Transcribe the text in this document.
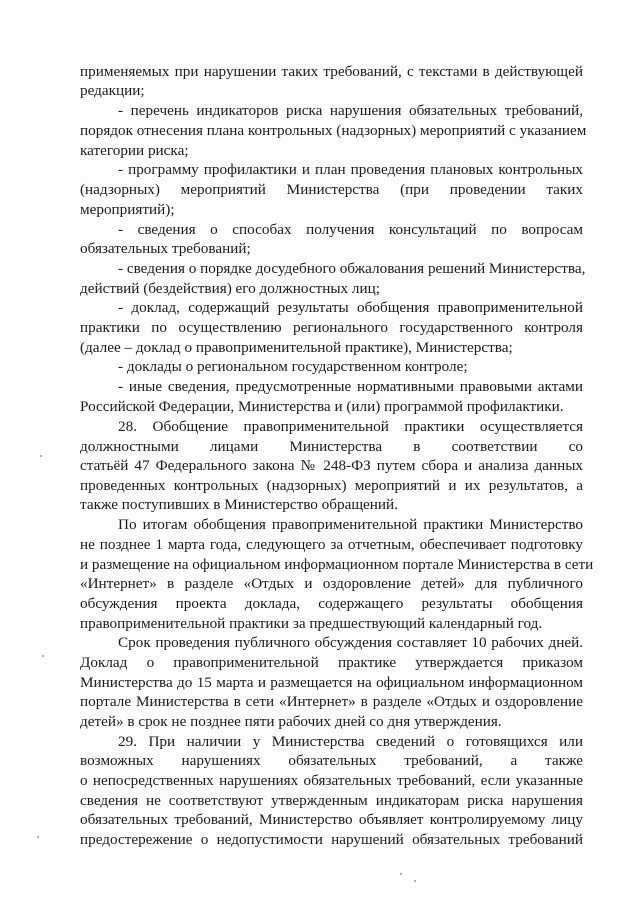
применяемых при нарушении таких требований, с текстами в действующей
редакции;
- перечень индикаторов риска нарушения обязательных требований,
порядок отнесения плана контрольных (надзорных) мероприятий с указанием
категории риска;
- программу профилактики и план проведения плановых контрольных
(надзорных) мероприятий Министерства (при проведении таких
мероприятий);
- сведения о способах получения консультаций по вопросам
обязательных требований;
- сведения о порядке досудебного обжалования решений Министерства,
действий (бездействия) его должностных лиц;
- доклад, содержащий результаты обобщения правоприменительной
практики по осуществлению регионального государственного контроля
(далее – доклад о правоприменительной практике), Министерства;
- доклады о региональном государственном контроле;
- иные сведения, предусмотренные нормативными правовыми актами
Российской Федерации, Министерства и (или) программой профилактики.
28. Обобщение правоприменительной практики осуществляется
должностными лицами Министерства в соответствии со
статьёй 47 Федерального закона № 248-ФЗ путем сбора и анализа данных
проведенных контрольных (надзорных) мероприятий и их результатов, а
также поступивших в Министерство обращений.
По итогам обобщения правоприменительной практики Министерство
не позднее 1 марта года, следующего за отчетным, обеспечивает подготовку
и размещение на официальном информационном портале Министерства в сети
«Интернет» в разделе «Отдых и оздоровление детей» для публичного
обсуждения проекта доклада, содержащего результаты обобщения
правоприменительной практики за предшествующий календарный год.
Срок проведения публичного обсуждения составляет 10 рабочих дней.
Доклад о правоприменительной практике утверждается приказом
Министерства до 15 марта и размещается на официальном информационном
портале Министерства в сети «Интернет» в разделе «Отдых и оздоровление
детей» в срок не позднее пяти рабочих дней со дня утверждения.
29. При наличии у Министерства сведений о готовящихся или
возможных нарушениях обязательных требований, а также
о непосредственных нарушениях обязательных требований, если указанные
сведения не соответствуют утвержденным индикаторам риска нарушения
обязательных требований, Министерство объявляет контролируемому лицу
предостережение о недопустимости нарушений обязательных требований
